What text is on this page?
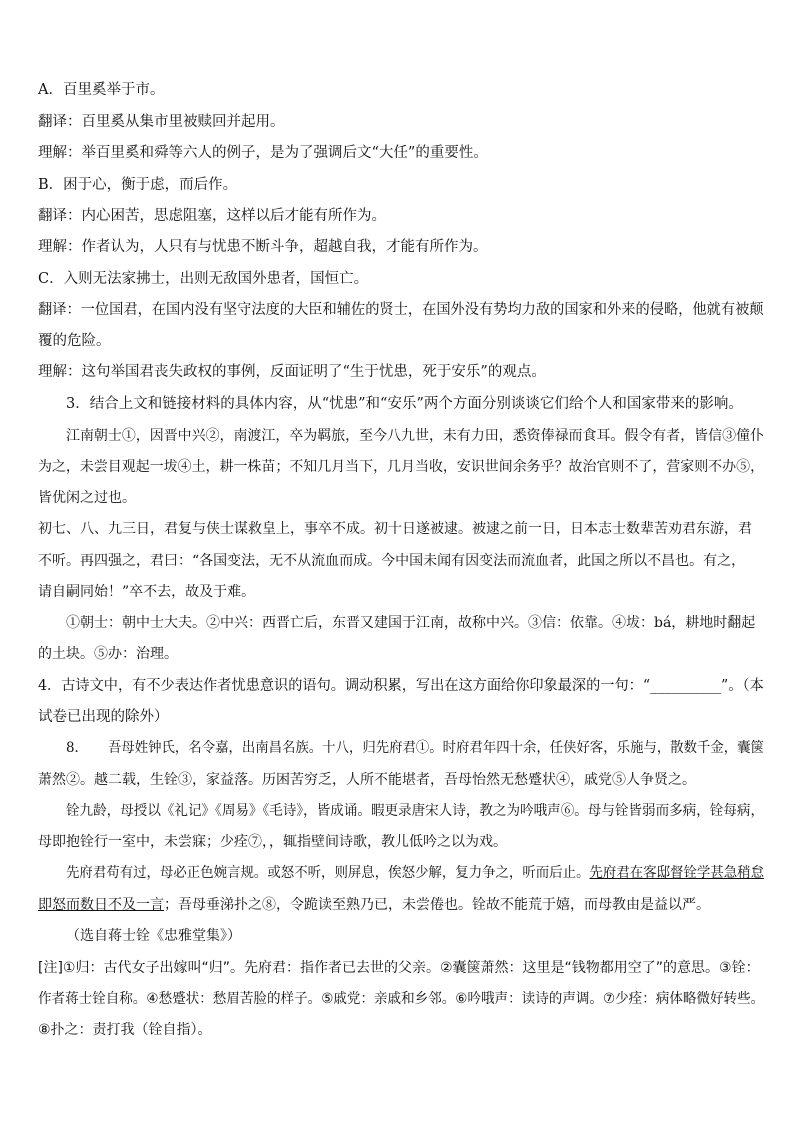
A．百里奚举于市。
翻译：百里奚从集市里被赎回并起用。
理解：举百里奚和舜等六人的例子，是为了强调后文“大任”的重要性。
B．困于心，衡于虑，而后作。
翻译：内心困苦，思虑阻塞，这样以后才能有所作为。
理解：作者认为，人只有与忧患不断斗争，超越自我，才能有所作为。
C．入则无法家拂士，出则无敌国外患者，国恒亡。
翻译：一位国君，在国内没有坚守法度的大臣和辅佐的贤士，在国外没有势均力敌的国家和外来的侵略，他就有被颠
覆的危险。
理解：这句举国君丧失政权的事例，反面证明了“生于忧患，死于安乐”的观点。
3．结合上文和链接材料的具体内容，从“忧患”和“安乐”两个方面分别谈谈它们给个人和国家带来的影响。
江南朝士①，因晋中兴②，南渡江，卒为羁旅，至今八九世，未有力田，悉资俸禄而食耳。假令有者，皆信③僮仆
为之，未尝目观起一坺④土，耕一株苗；不知几月当下，几月当收，安识世间余务乎？故治官则不了，营家则不办⑤，
皆优闲之过也。
初七、八、九三日，君复与侠士谋救皇上，事卒不成。初十日遂被逮。被逮之前一日，日本志士数辈苦劝君东游，君
不听。再四强之，君曰：“各国变法，无不从流血而成。今中国未闻有因变法而流血者，此国之所以不昌也。有之，
请自嗣同始！”卒不去，故及于难。
①朝士：朝中士大夫。②中兴：西晋亡后，东晋又建国于江南，故称中兴。③信：依靠。④坺：bá，耕地时翻起
的土块。⑤办：治理。
4．古诗文中，有不少表达作者忧患意识的语句。调动积累，写出在这方面给你印象最深的一句：“__________”。（本
试卷已出现的除外）
8．　　吾母姓钟氏，名令嘉，出南昌名族。十八，归先府君①。时府君年四十余，任侠好客，乐施与，散数千金，囊箧
萧然②。越二载，生铨③，家益落。历困苦穷乏，人所不能堪者，吾母怡然无愁蹙状④，戚党⑤人争贤之。
铨九龄，母授以《礼记》《周易》《毛诗》，皆成诵。暇更录唐宋人诗，教之为吟哦声⑥。母与铨皆弱而多病，铨每病，
母即抱铨行一室中，未尝寐；少痊⑦，，辄指壁间诗歌，教儿低吟之以为戏。
先府君苟有过，母必正色婉言规。或怒不听，则屏息，俟怒少解，复力争之，听而后止。先府君在客邸督铨学甚急稍怠
即怒而数日不及一言；吾母垂涕扑之⑧，令跪读至熟乃已，未尝倦也。铨故不能荒于嬉，而母教由是益以严。
（选自蒋士铨《忠雅堂集》）
[注]①归：古代女子出嫁叫“归”。先府君：指作者已去世的父亲。②囊箧萧然：这里是“钱物都用空了”的意思。③铨：
作者蒋士铨自称。④愁蹙状：愁眉苦脸的样子。⑤戚党：亲戚和乡邻。⑥吟哦声：读诗的声调。⑦少痊：病体略微好转些。
⑧扑之：责打我（铨自指）。
